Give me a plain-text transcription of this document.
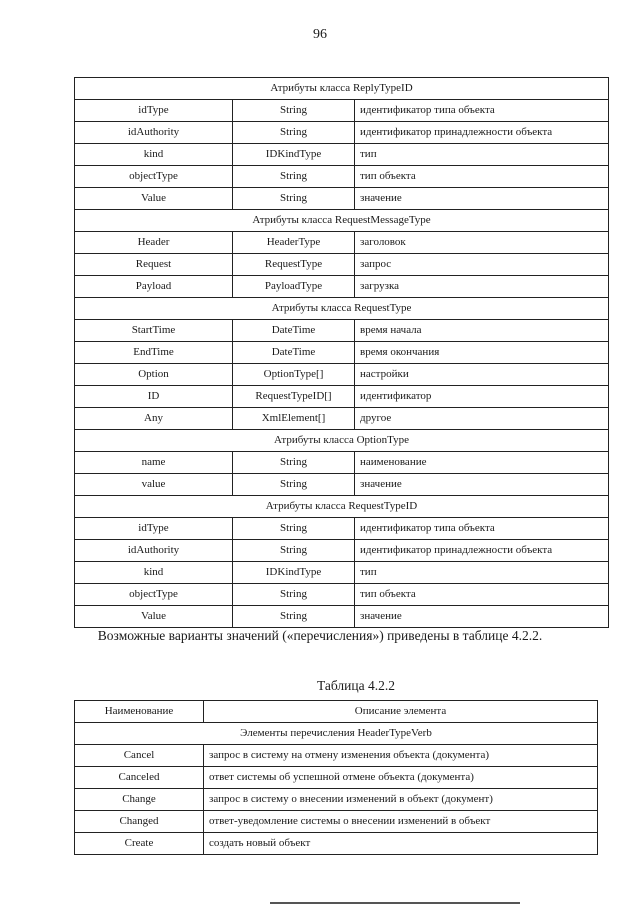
96
Атрибуты класса ReplyTypeID		
idType	String	идентификатор типа объекта
idAuthority	String	идентификатор принадлежности объекта
kind	IDKindType	тип
objectType	String	тип объекта
Value	String	значение
Атрибуты класса RequestMessageType		
Header	HeaderType	заголовок
Request	RequestType	запрос
Payload	PayloadType	загрузка
Атрибуты класса RequestType		
StartTime	DateTime	время начала
EndTime	DateTime	время окончания
Option	OptionType[]	настройки
ID	RequestTypeID[]	идентификатор
Any	XmlElement[]	другое
Атрибуты класса OptionType		
name	String	наименование
value	String	значение
Атрибуты класса RequestTypeID		
idType	String	идентификатор типа объекта
idAuthority	String	идентификатор принадлежности объекта
kind	IDKindType	тип
objectType	String	тип объекта
Value	String	значение
Возможные варианты значений («перечисления») приведены в таблице 4.2.2.
Таблица 4.2.2
Наименование	Описание элемента
Элементы перечисления HeaderTypeVerb	
Cancel	запрос в систему на отмену изменения объекта (документа)
Canceled	ответ системы об успешной отмене объекта (документа)
Change	запрос в систему о внесении изменений в объект (документ)
Changed	ответ-уведомление системы о внесении изменений в объект
Create	создать новый объект
